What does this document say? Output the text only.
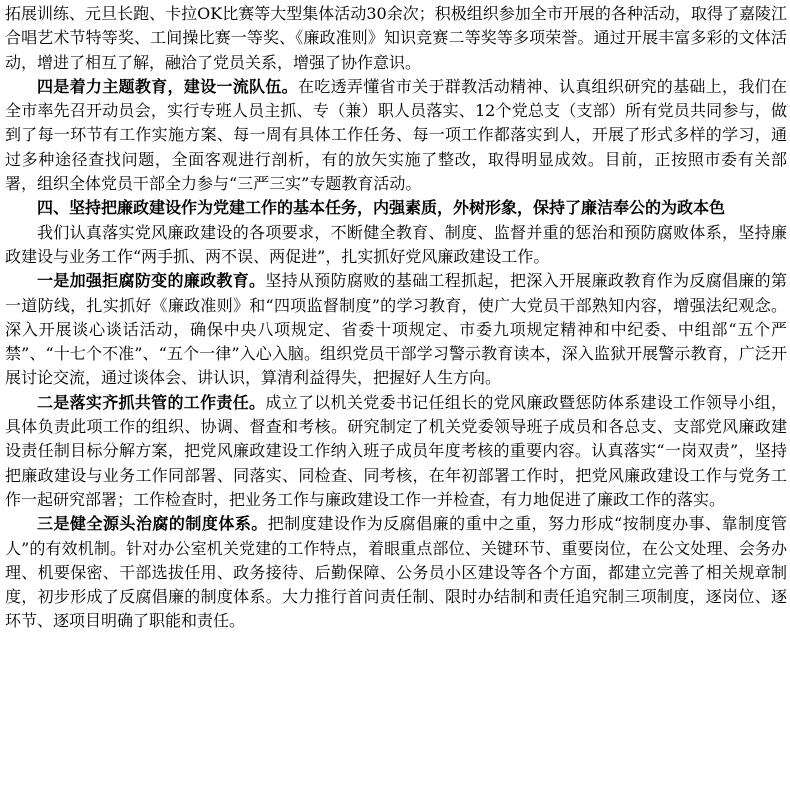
拓展训练、元旦长跑、卡拉OK比赛等大型集体活动30余次；积极组织参加全市开展的各种活动，取得了嘉陵江合唱艺术节特等奖、工间操比赛一等奖、《廉政准则》知识竞赛二等奖等多项荣誉。通过开展丰富多彩的文体活动，增进了相互了解，融洽了党员关系，增强了协作意识。

四是着力主题教育，建设一流队伍。在吃透弄懂省市关于群教活动精神、认真组织研究的基础上，我们在全市率先召开动员会，实行专班人员主抓、专（兼）职人员落实、12个党总支（支部）所有党员共同参与，做到了每一环节有工作实施方案、每一周有具体工作任务、每一项工作都落实到人，开展了形式多样的学习，通过多种途径查找问题，全面客观进行剖析，有的放矢实施了整改，取得明显成效。目前，正按照市委有关部署，组织全体党员干部全力参与“三严三实”专题教育活动。

四、坚持把廉政建设作为党建工作的基本任务，内强素质，外树形象，保持了廉洁奉公的为政本色

我们认真落实党风廉政建设的各项要求，不断健全教育、制度、监督并重的惩治和预防腐败体系，坚持廉政建设与业务工作“两手抓、两不误、两促进”，扎实抓好党风廉政建设工作。

一是加强拒腐防变的廉政教育。坚持从预防腐败的基础工程抓起，把深入开展廉政教育作为反腐倡廉的第一道防线，扎实抓好《廉政准则》和“四项监督制度”的学习教育，使广大党员干部熟知内容，增强法纪观念。深入开展谈心谈话活动，确保中央八项规定、省委十项规定、市委九项规定精神和中纪委、中组部“五个严禁”、“十七个不准”、“五个一律”入心入脑。组织党员干部学习警示教育读本，深入监狱开展警示教育，广泛开展讨论交流，通过谈体会、讲认识，算清利益得失，把握好人生方向。

二是落实齐抓共管的工作责任。成立了以机关党委书记任组长的党风廉政暨惩防体系建设工作领导小组，具体负责此项工作的组织、协调、督查和考核。研究制定了机关党委领导班子成员和各总支、支部党风廉政建设责任制目标分解方案，把党风廉政建设工作纳入班子成员年度考核的重要内容。认真落实“一岗双责”，坚持把廉政建设与业务工作同部署、同落实、同检查、同考核，在年初部署工作时，把党风廉政建设工作与党务工作一起研究部署；工作检查时，把业务工作与廉政建设工作一并检查，有力地促进了廉政工作的落实。

三是健全源头治腐的制度体系。把制度建设作为反腐倡廉的重中之重，努力形成“按制度办事、靠制度管人”的有效机制。针对办公室机关党建的工作特点，着眼重点部位、关键环节、重要岗位，在公文处理、会务办理、机要保密、干部选拔任用、政务接待、后勤保障、公务员小区建设等各个方面，都建立完善了相关规章制度，初步形成了反腐倡廉的制度体系。大力推行首问责任制、限时办结制和责任追究制三项制度，逐岗位、逐环节、逐项目明确了职能和责任。
